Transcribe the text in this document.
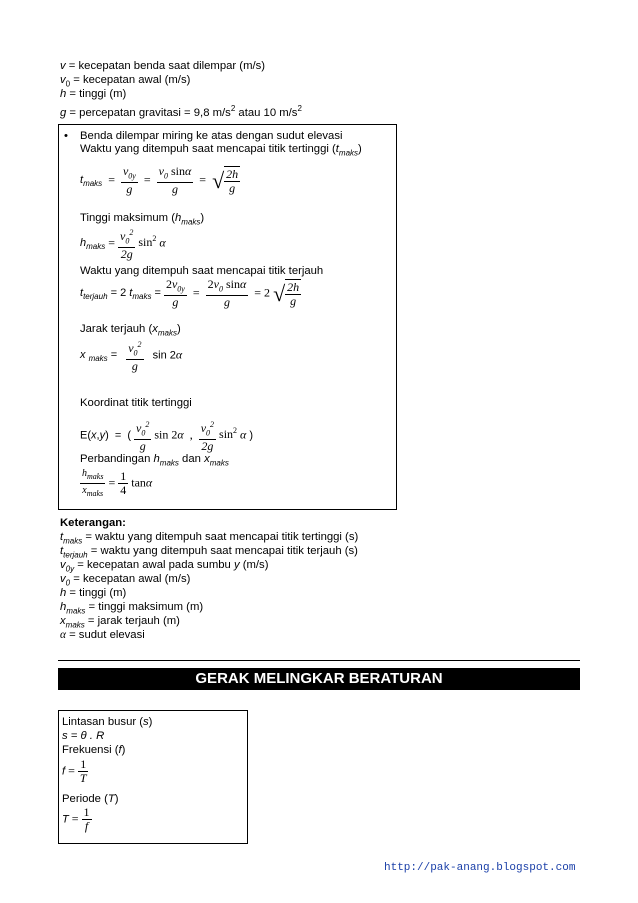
v = kecepatan benda saat dilempar (m/s)
$v_0$ = kecepatan awal (m/s)
h = tinggi (m)
g = percepatan gravitasi = 9,8 $m/s^2$ atau 10 $m/s^2$
• Benda dilempar miring ke atas dengan sudut elevasi
Waktu yang ditempuh saat mencapai titik tertinggi $(t_{maks})$
$t_{maks} = \frac{v_{0y}}{g} = \frac{v_0 \sin\alpha}{g}$ = √ $\frac{2h}{g}$
Tinggi maksimum $(h_{maks})$
$h_{maks} = \frac{v_0^2}{2g} \sin^2 \alpha$
Waktu yang ditempuh saat mencapai titik terjauh
$t_{terjauh} = 2$ $t_{maks} = \frac{2v_{0y}}{g} = \frac{2v_0 \sin\alpha}{g} = 2$ √ $\frac{2h}{g}$
Jarak terjauh $(x_{maks})$
x $_{maks} = \frac{v_0^2}{g}$ sin 2α
Koordinat titik tertinggi
E(x,y)  =  ( $\frac{v_0^2}{g}$ sin 2α  , $\frac{v_0^2}{2g} \sin^2 \alpha$ )
Perbandingan $h_{maks}$ dan $x_{maks}$
$\frac{h_{maks}}{x_{maks}} = \frac{1}{4}$ tanα
Keterangan:
$t_{maks}$ = waktu yang ditempuh saat mencapai titik tertinggi (s)
$t_{terjauh}$ = waktu yang ditempuh saat mencapai titik terjauh (s)
$v_{0y}$ = kecepatan awal pada sumbu y (m/s)
$v_0$ = kecepatan awal (m/s)
h = tinggi (m)
$h_{maks}$ = tinggi maksimum (m)
$x_{maks}$ = jarak terjauh (m)
α = sudut elevasi
GERAK MELINGKAR BERATURAN
Lintasan busur (s)
s = θ . R
Frekuensi (f)
$f = \frac{1}{T}$
Periode (T)
$T = \frac{1}{f}$
http://pak-anang.blogspot.com
